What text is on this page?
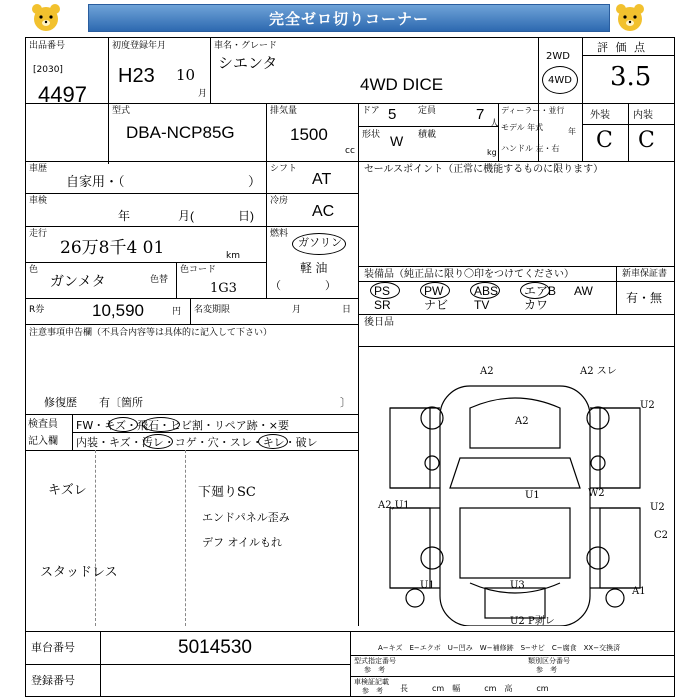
完全ゼロ切りコーナー
出品番号
[2030]
4497
初度登録年月
H23 10
月
車名・グレード
シエンタ
4WD DICE
2WD
4WD
評 価 点
3.5
型式
DBA-NCP85G
排気量
1500
cc
ドア 5 定員	7
人
形状 W 積載
kg
ディーラー・並行
モデル 年式	年
ハンドル 左・右
外装 内装
C C
車歴
自家用・（	）
シフト
AT
車検
年	月(	日)
冷房
AC
走行
26万8千4 01	km
燃料
ガソリン
軽 油
（　　　　）
色
ガンメタ	色替
色コード
1G3
R券	10,590	円 名変期限	月	日
注意事項申告欄（不具合内容等は具体的に記入して下さい）
修復歴　　有〔箇所	〕
検査員
記入欄
FW・キズ・飛石・ヒビ割・リペア跡・×要
内装・キズ・汚レ・コゲ・穴・スレ・キレ・破レ
キズレ	下廻りSC
エンドパネル歪み
デフ オイルもれ
スタッドレス
セールスポイント（正常に機能するものに限ります）
装備品（純正品に限り〇印をつけてください）	新車保証書
有・無
後日品
A2	A2 スレ
U2
A2
U1	W2
A2,U1	U2
C2
U1	U3
A1
U2 P剥レ
A−キズ　E−エクボ　U−凹み　W−補修跡　S−サビ　C−腐食　XX−交換済
車台番号	5014530
登録番号
型式指定番号
参　考
類別区分番号
参　考
車検証記載
参　考 長　　　cm　幅　　　cm　高　　　cm
PS	PW	ABS エアB AW
SR	ナビ TV	カワ
